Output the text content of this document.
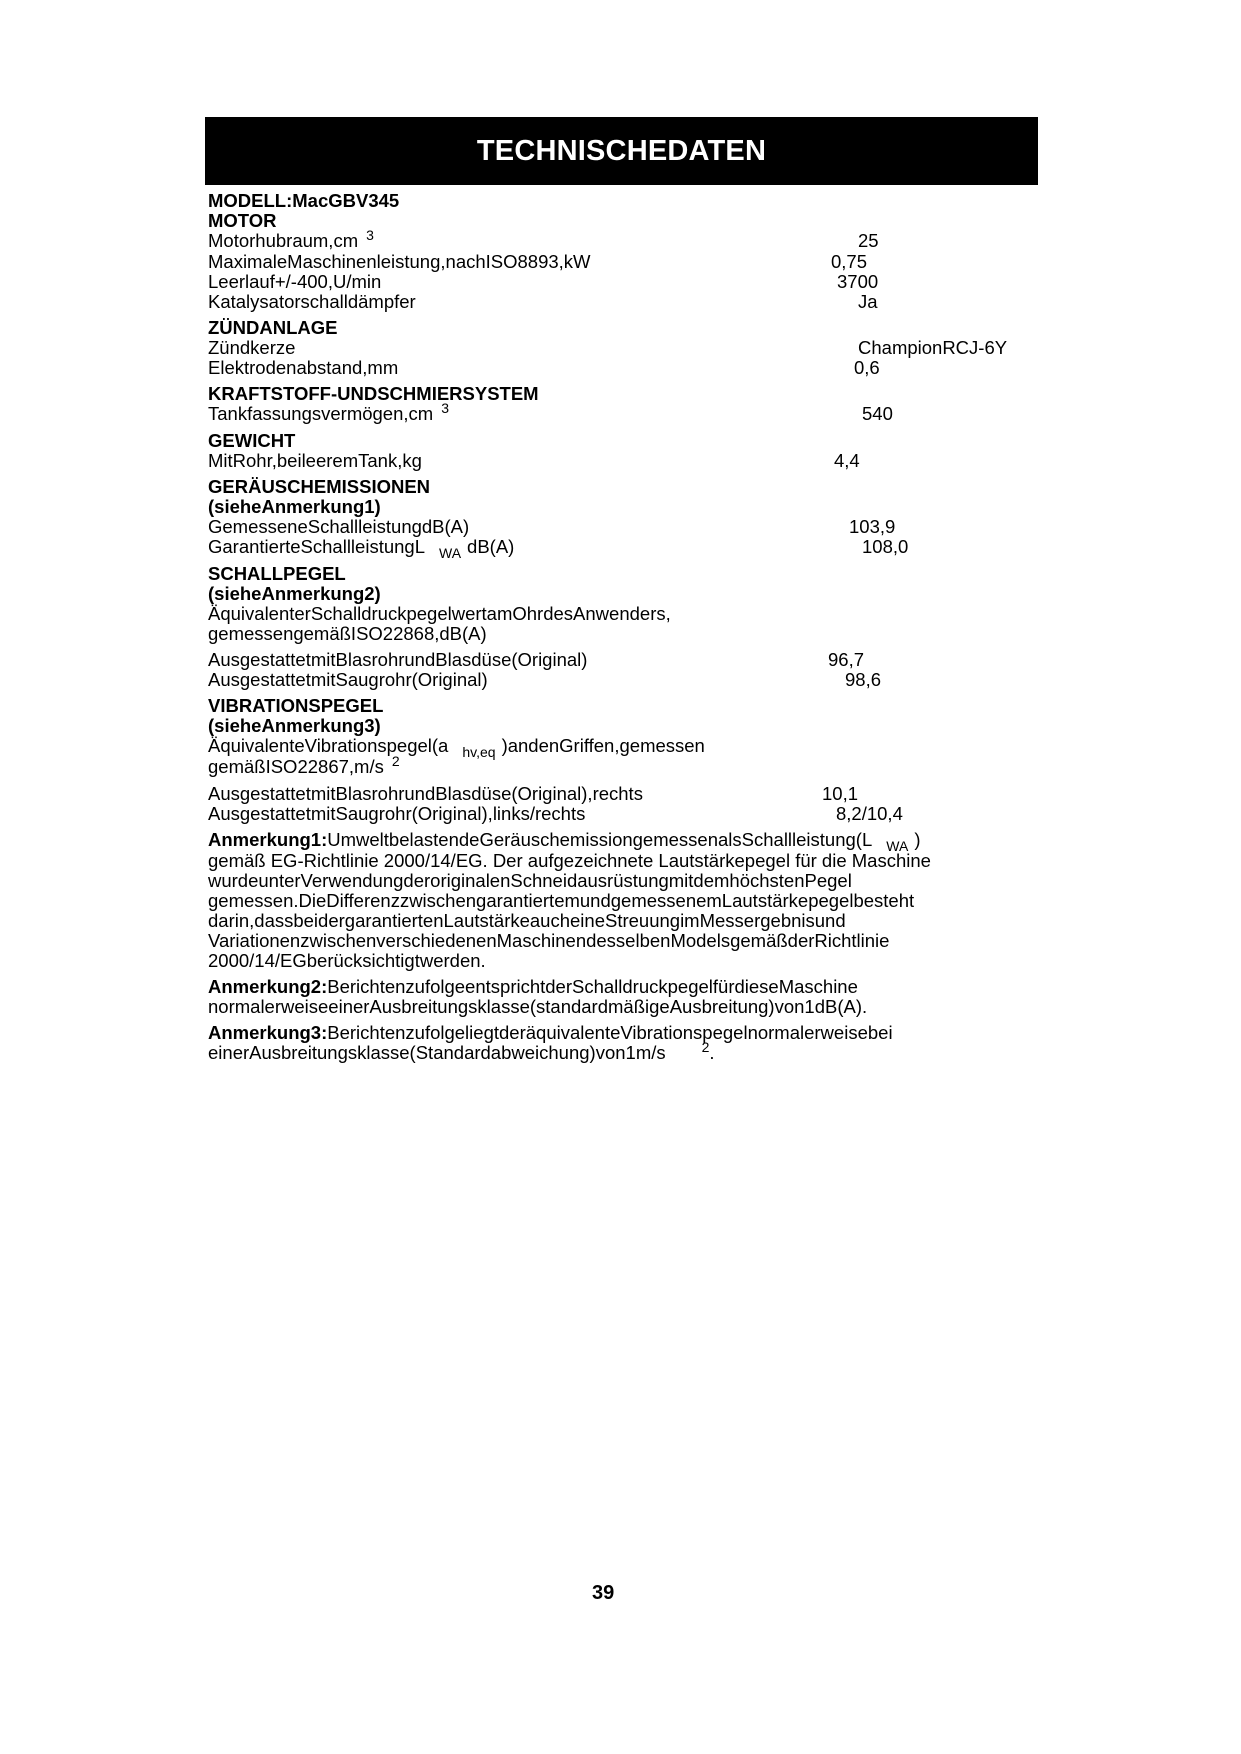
TECHNISCHEDATEN
MODELL:MacGBV345
MOTOR
Motorhubraum,cm $^3$	25
MaximaleMaschinenleistung,nachISO8893,kW	0,75
Leerlauf+/-400,U/min	3700
Katalysatorschalldämpfer	Ja
ZÜNDANLAGE
Zündkerze	ChampionRCJ-6Y
Elektrodenabstand,mm	0,6
KRAFTSTOFF-UNDSCHMIERSYSTEM
Tankfassungsvermögen,cm $^3$	540
GEWICHT
MitRohr,beileeremTank,kg	4,4
GERÄUSCHEMISSIONEN
(sieheAnmerkung1)
GemesseneSchallleistungdB(A)	103,9
GarantierteSchallleistungL $_{WA}$ dB(A)	108,0
SCHALLPEGEL
(sieheAnmerkung2)
ÄquivalenterSchalldruckpegelwertamOhrdesAnwenders,
gemessengemäßISO22868,dB(A)
AusgestattetmitBlasrohrundBlasdüse(Original)	96,7
AusgestattetmitSaugrohr(Original)	98,6
VIBRATIONSPEGEL
(sieheAnmerkung3)
ÄquivalenteVibrationspegel(a $_{hv,eq}$ )andenGriffen,gemessen
gemäßISO22867,m/s $^2$
AusgestattetmitBlasrohrundBlasdüse(Original),rechts	10,1
AusgestattetmitSaugrohr(Original),links/rechts	8,2/10,4
Anmerkung1:UmweltbelastendeGeräuschemissiongemessenalsSchallleistung(L $_{WA}$ )
gemäß EG-Richtlinie 2000/14/EG. Der aufgezeichnete Lautstärkepegel für die Maschine
wurdeunterVerwendungderoriginalenSchneidausrüstungmitdemhöchstenPegel
gemessen.DieDifferenzzwischengarantiertemundgemessenemLautstärkepegelbesteht
darin,dassbeidergarantiertenLautstärkeaucheineStreuungimMessergebnisund
VariationenzwischenverschiedenenMaschinendesselbenModelsgemäßderRichtlinie
2000/14/EGberücksichtigtwerden.
Anmerkung2:BerichtenzufolgeentsprichtderSchalldruckpegelfürdieseMaschine
normalerweiseeinerAusbreitungsklasse(standardmäßigeAusbreitung)von1dB(A).
Anmerkung3:BerichtenzufolgeliegtderäquivalenteVibrationspegelnormalerweisebei
einerAusbreitungsklasse(Standardabweichung)von1m/s	$^2$.
39
